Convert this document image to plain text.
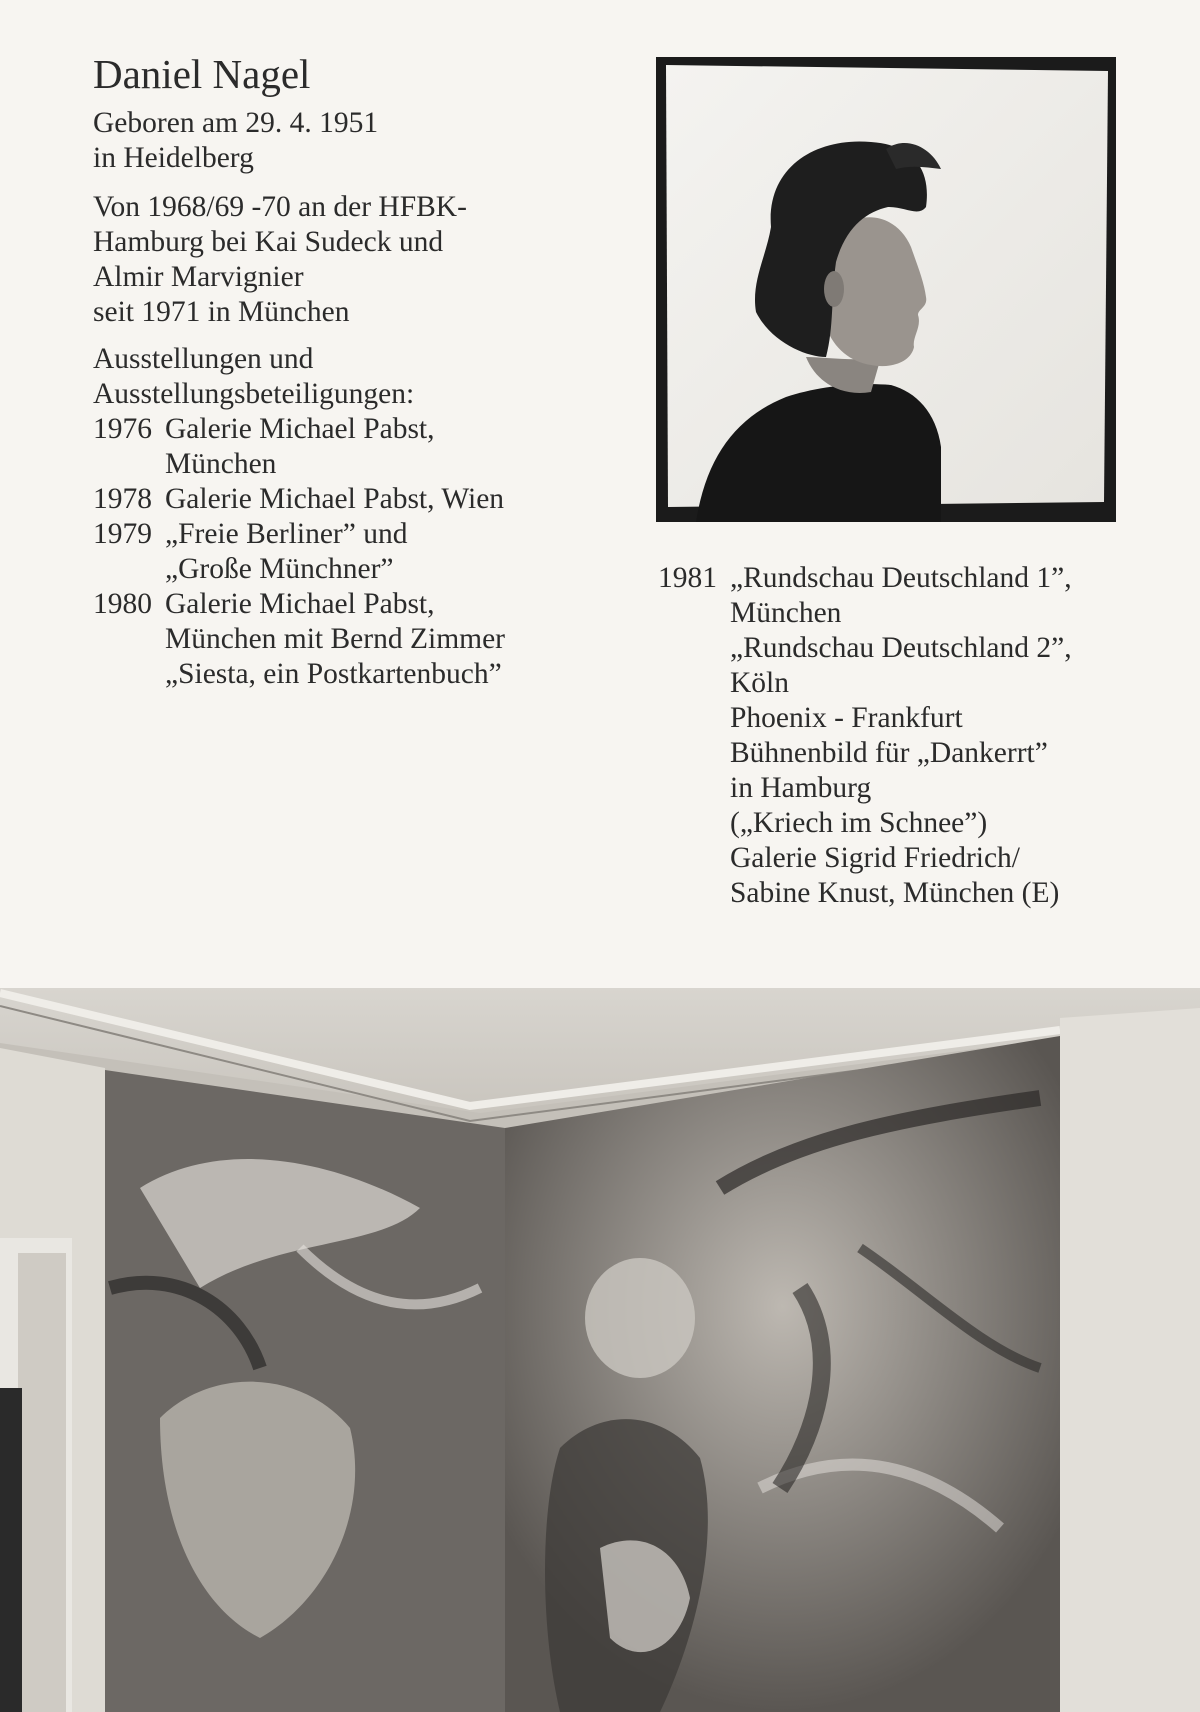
Daniel Nagel
Geboren am 29. 4. 1951
in Heidelberg
Von 1968/69 -70 an der HFBK-
Hamburg bei Kai Sudeck und
Almir Marvignier
seit 1971 in München
Ausstellungen und
Ausstellungsbeteiligungen:
1976 Galerie Michael Pabst,
München
1978 Galerie Michael Pabst, Wien
1979 „Freie Berliner” und
„Große Münchner”
1980 Galerie Michael Pabst,
München mit Bernd Zimmer
„Siesta, ein Postkartenbuch”
1981 „Rundschau Deutschland 1”,
München
„Rundschau Deutschland 2”,
Köln
Phoenix - Frankfurt
Bühnenbild für „Dankerrt”
in Hamburg
(„Kriech im Schnee”)
Galerie Sigrid Friedrich/
Sabine Knust, München (E)
